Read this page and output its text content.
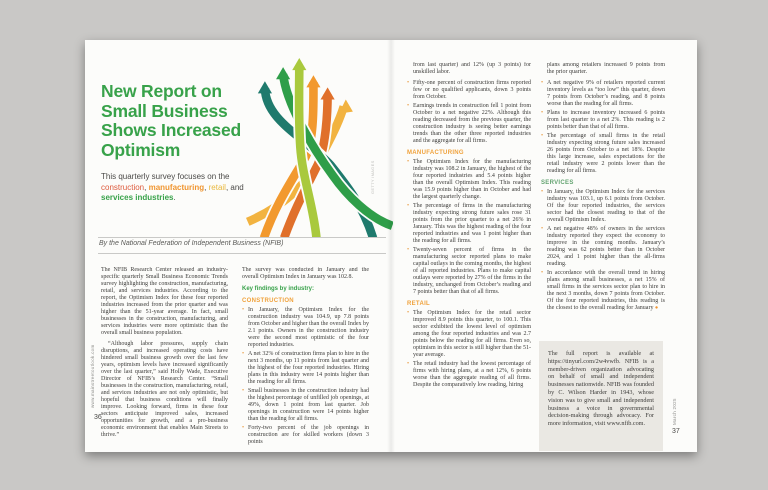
New Report on
Small Business
Shows Increased
Optimism
This quarterly survey focuses on the construction, manufacturing, retail, and services industries.
GETTY IMAGES
By the National Federation of Independent Business (NFIB)

The NFIB Research Center released an industry-specific quarterly Small Business Economic Trends survey highlighting the construction, manufacturing, retail, and services industries. According to the report, the Optimism Index for these four reported industries increased from the prior quarter and was higher than the 51-year average. In fact, small businesses in the construction, manufacturing, and services industries were more optimistic than the overall small business population.

“Although labor pressures, supply chain disruptions, and increased operating costs have hindered small business growth over the last few years, optimism levels have increased significantly over the last quarter,” said Holly Wade, Executive Director of NFIB’s Research Center. “Small businesses in the construction, manufacturing, retail, and services industries are not only optimistic, but hopeful that business conditions will finally improve. Looking forward, firms in these four sectors anticipate improved sales, increased opportunities for growth, and a pro-business economic environment that enables Main Streets to thrive.”

The survey was conducted in January and the overall Optimism Index in January was 102.8.

Key findings by industry:
CONSTRUCTION
• In January, the Optimism Index for the construction industry was 104.9, up 7.8 points from October and higher than the overall Index by 2.1 points. Owners in the construction industry were the second most optimistic of the four reported industries.
• A net 32% of construction firms plan to hire in the next 3 months, up 11 points from last quarter and the highest of the four reported industries. Hiring plans in this industry were 14 points higher than the reading for all firms.
• Small businesses in the construction industry had the highest percentage of unfilled job openings, at 49%, down 1 point from last quarter. Job openings in construction were 14 points higher than the reading for all firms.
• Forty-two percent of the job openings in construction are for skilled workers (down 3 points
www.mainstreetoutlook.com
36

from last quarter) and 12% (up 3 points) for unskilled labor.

• Fifty-one percent of construction firms reported few or no qualified applicants, down 3 points from October.
• Earnings trends in construction fell 1 point from October to a net negative 22%. Although this reading decreased from the previous quarter, the construction industry is seeing better earnings trends than the other three reported industries and the aggregate for all firms.
MANUFACTURING
• The Optimism Index for the manufacturing industry was 108.2 in January, the highest of the four reported industries and 5.4 points higher than the overall Optimism Index. This reading was 15.9 points higher than in October and had the largest quarterly change.
• The percentage of firms in the manufacturing industry expecting strong future sales rose 31 points from the prior quarter to a net 26% in January. This was the highest reading of the four reported industries and was 1 point higher than the reading for all firms.
• Twenty-seven percent of firms in the manufacturing sector reported plans to make capital outlays in the coming months, the highest of all reported industries. Plans to make capital outlays were reported by 27% of the firms in the industry, unchanged from October’s reading and 7 points better than that of all firms.
RETAIL
• The Optimism Index for the retail sector improved 8.9 points this quarter, to 100.1. This sector exhibited the lowest level of optimism among the four reported industries and was 2.7 points below the reading for all firms. Even so, optimism in this sector is still higher than the 51-year average.
• The retail industry had the lowest percentage of firms with hiring plans, at a net 12%, 6 points worse than the aggregate reading of all firms. Despite the comparatively low reading, hiring

plans among retailers increased 9 points from the prior quarter.

• A net negative 9% of retailers reported current inventory levels as “too low” this quarter, down 7 points from October’s reading, and 8 points worse than the reading for all firms.
• Plans to increase inventory increased 6 points from last quarter to a net 2%. This reading is 2 points better than that of all firms.
• The percentage of small firms in the retail industry expecting strong future sales increased 26 points from October to a net 18%. Despite this large increase, sales expectations for the retail industry were 2 points lower than the reading for all firms.
SERVICES
• In January, the Optimism Index for the services industry was 103.1, up 6.1 points from October. Of the four reported industries, the services sector had the closest reading to that of the overall Optimism Index.
• A net negative 48% of owners in the services industry reported they expect the economy to improve in the coming months. January’s reading was 62 points better than in October 2024, and 1 point higher than the all-firms reading.
• In accordance with the overall trend in hiring plans among small businesses, a net 15% of small firms in the services sector plan to hire in the next 3 months, down 7 points from October. Of the four reported industries, this reading is the closest to the overall reading for January ●
The full report is available at https://tinyurl.com/2w4vwfb. NFIB is a member-driven organization advocating on behalf of small and independent businesses nationwide. NFIB was founded by C. Wilson Harder in 1943, whose vision was to give small and independent business a voice in governmental decision-making through advocacy. For more information, visit www.nfib.com.	March 2025
37
